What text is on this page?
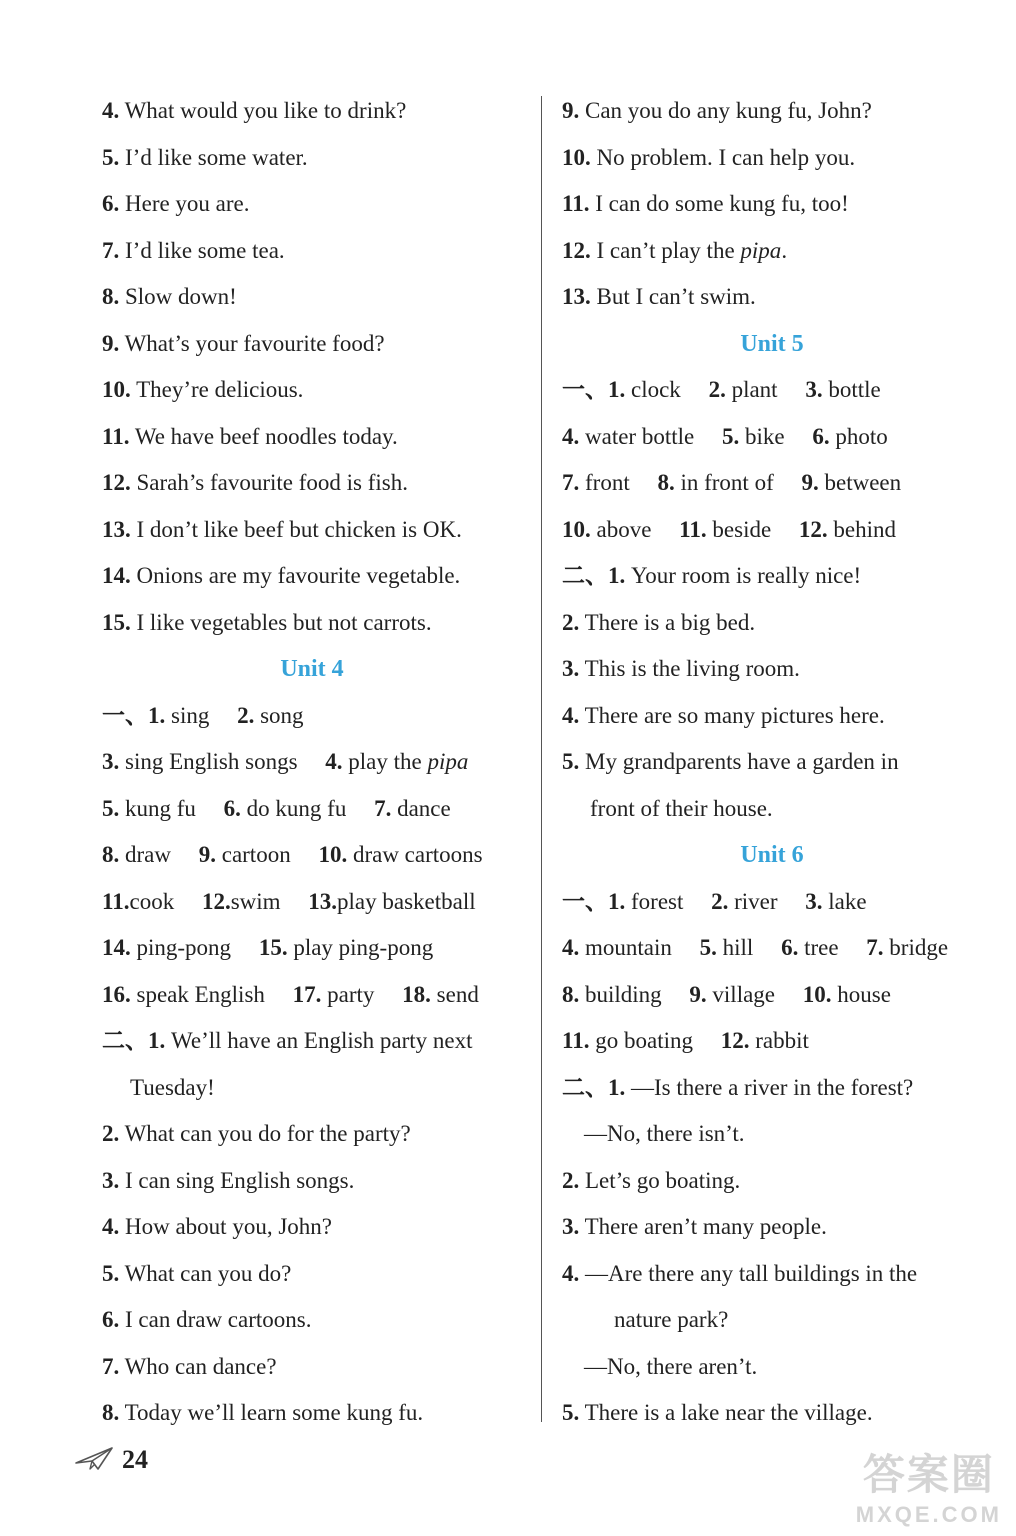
4. What would you like to drink?
5. I’d like some water.
6. Here you are.
7. I’d like some tea.
8. Slow down!
9. What’s your favourite food?
10. They’re delicious.
11. We have beef noodles today.
12. Sarah’s favourite food is fish.
13. I don’t like beef but chicken is OK.
14. Onions are my favourite vegetable.
15. I like vegetables but not carrots.
Unit 4
一、1. sing 2. song
3. sing English songs 4. play the pipa
5. kung fu 6. do kung fu 7. dance
8. draw 9. cartoon 10. draw cartoons
11.cook 12.swim 13.play basketball
14. ping-pong 15. play ping-pong
16. speak English 17. party 18. send
二、1. We’ll have an English party next
Tuesday!
2. What can you do for the party?
3. I can sing English songs.
4. How about you, John?
5. What can you do?
6. I can draw cartoons.
7. Who can dance?
8. Today we’ll learn some kung fu.
9. Can you do any kung fu, John?
10. No problem. I can help you.
11. I can do some kung fu, too!
12. I can’t play the pipa.
13. But I can’t swim.
Unit 5
一、1. clock 2. plant 3. bottle
4. water bottle 5. bike 6. photo
7. front 8. in front of 9. between
10. above 11. beside 12. behind
二、1. Your room is really nice!
2. There is a big bed.
3. This is the living room.
4. There are so many pictures here.
5. My grandparents have a garden in
front of their house.
Unit 6
一、1. forest 2. river 3. lake
4. mountain 5. hill 6. tree 7. bridge
8. building 9. village 10. house
11. go boating 12. rabbit
二、1. —Is there a river in the forest?
—No, there isn’t.
2. Let’s go boating.
3. There aren’t many people.
4. —Are there any tall buildings in the
nature park?
—No, there aren’t.
5. There is a lake near the village.
24	答案圈
MXQE.COM
